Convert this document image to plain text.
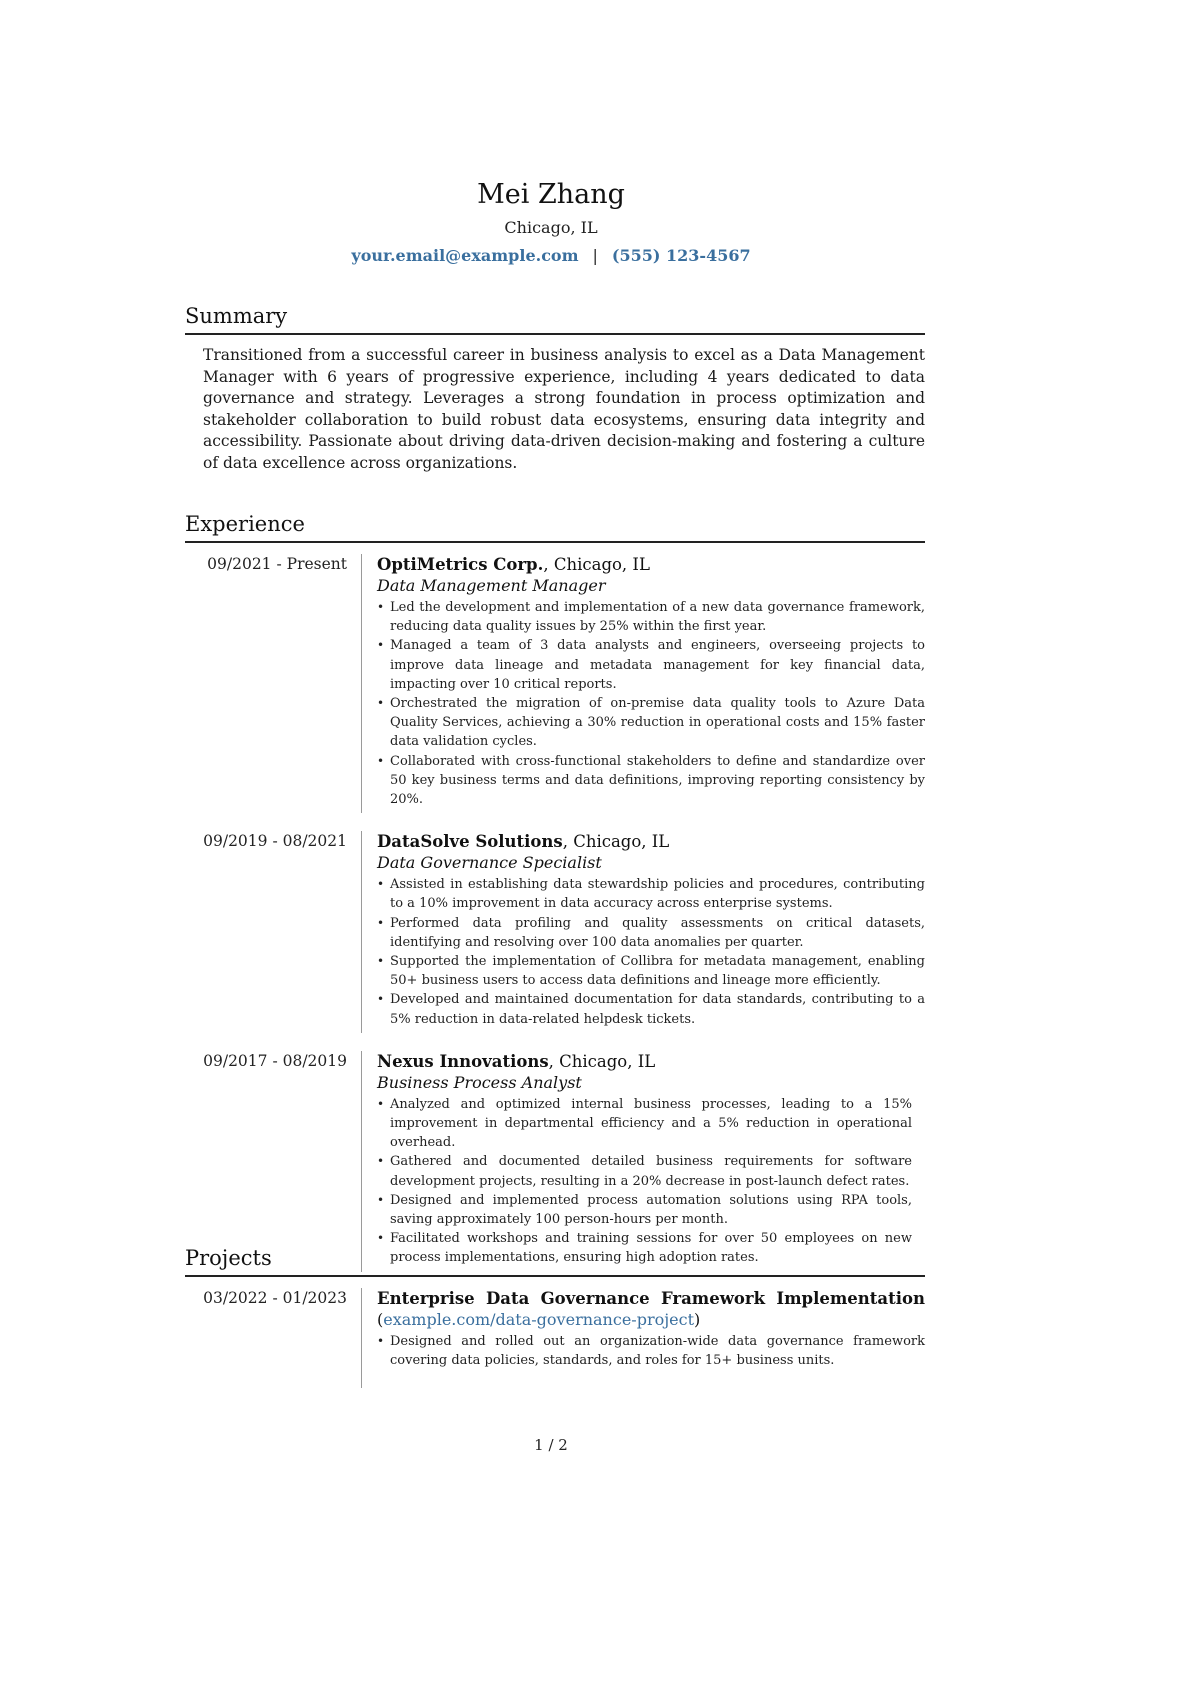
Mei Zhang
Chicago, IL
your.email@example.com | (555) 123-4567
Summary
Transitioned from a successful career in business analysis to excel as a Data Management Manager with 6 years of progressive experience, including 4 years dedicated to data governance and strategy. Leverages a strong foundation in process optimization and stakeholder collaboration to build robust data ecosystems, ensuring data integrity and accessibility. Passionate about driving data-driven decision-making and fostering a culture of data excellence across organizations.
Experience
09/2021 - Present	OptiMetrics Corp., Chicago, IL
Data Management Manager
• Led the development and implementation of a new data governance framework, reducing data quality issues by 25% within the first year.
• Managed a team of 3 data analysts and engineers, overseeing projects to improve data lineage and metadata management for key financial data, impacting over 10 critical reports.
• Orchestrated the migration of on-premise data quality tools to Azure Data Quality Services, achieving a 30% reduction in operational costs and 15% faster data validation cycles.
• Collaborated with cross-functional stakeholders to define and standardize over 50 key business terms and data definitions, improving reporting consistency by 20%.
09/2019 - 08/2021	DataSolve Solutions, Chicago, IL
Data Governance Specialist
• Assisted in establishing data stewardship policies and procedures, contributing to a 10% improvement in data accuracy across enterprise systems.
• Performed data profiling and quality assessments on critical datasets, identifying and resolving over 100 data anomalies per quarter.
• Supported the implementation of Collibra for metadata management, enabling 50+ business users to access data definitions and lineage more efficiently.
• Developed and maintained documentation for data standards, contributing to a 5% reduction in data-related helpdesk tickets.
09/2017 - 08/2019	Nexus Innovations, Chicago, IL
Business Process Analyst
• Analyzed and optimized internal business processes, leading to a 15% improvement in departmental efficiency and a 5% reduction in operational overhead.
• Gathered and documented detailed business requirements for software development projects, resulting in a 20% decrease in post-launch defect rates.
• Designed and implemented process automation solutions using RPA tools, saving approximately 100 person-hours per month.
• Facilitated workshops and training sessions for over 50 employees on new process implementations, ensuring high adoption rates.
Projects
03/2022 - 01/2023	Enterprise Data Governance Framework Implementation
(example.com/data-governance-project)
• Designed and rolled out an organization-wide data governance framework covering data policies, standards, and roles for 15+ business units.
1 / 2
